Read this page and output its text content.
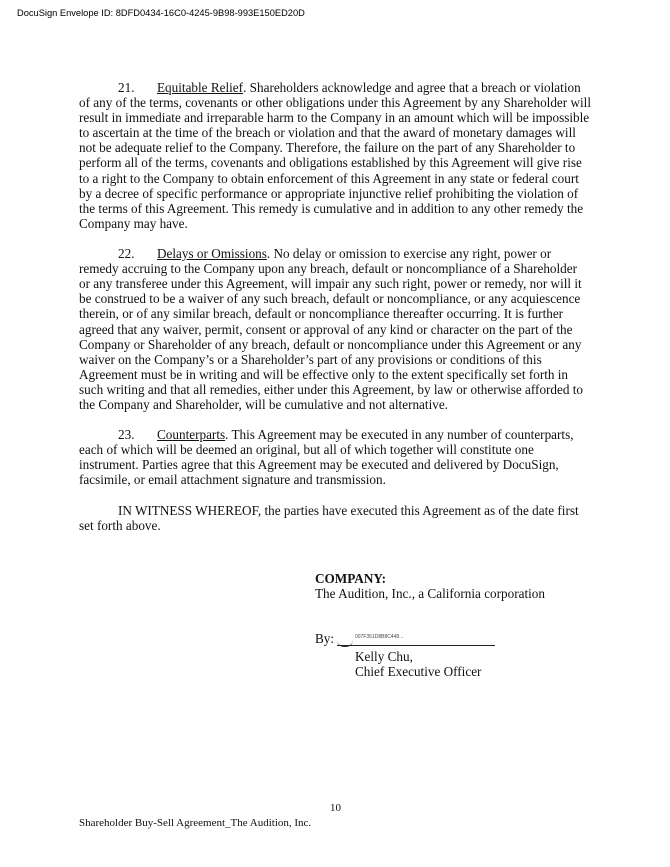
DocuSign Envelope ID: 8DFD0434-16C0-4245-9B98-993E150ED20D

21. Equitable Relief. Shareholders acknowledge and agree that a breach or violation of any of the terms, covenants or other obligations under this Agreement by any Shareholder will result in immediate and irreparable harm to the Company in an amount which will be impossible to ascertain at the time of the breach or violation and that the award of monetary damages will not be adequate relief to the Company. Therefore, the failure on the part of any Shareholder to perform all of the terms, covenants and obligations established by this Agreement will give rise to a right to the Company to obtain enforcement of this Agreement in any state or federal court by a decree of specific performance or appropriate injunctive relief prohibiting the violation of the terms of this Agreement. This remedy is cumulative and in addition to any other remedy the Company may have.

22. Delays or Omissions. No delay or omission to exercise any right, power or remedy accruing to the Company upon any breach, default or noncompliance of a Shareholder or any transferee under this Agreement, will impair any such right, power or remedy, nor will it be construed to be a waiver of any such breach, default or noncompliance, or any acquiescence therein, or of any similar breach, default or noncompliance thereafter occurring. It is further agreed that any waiver, permit, consent or approval of any kind or character on the part of the Company or Shareholder of any breach, default or noncompliance under this Agreement or any waiver on the Company’s or a Shareholder’s part of any provisions or conditions of this Agreement must be in writing and will be effective only to the extent specifically set forth in such writing and that all remedies, either under this Agreement, by law or otherwise afforded to the Company and Shareholder, will be cumulative and not alternative.

23. Counterparts. This Agreement may be executed in any number of counterparts, each of which will be deemed an original, but all of which together will constitute one instrument. Parties agree that this Agreement may be executed and delivered by DocuSign, facsimile, or email attachment signature and transmission.

IN WITNESS WHEREOF, the parties have executed this Agreement as of the date first set forth above.

COMPANY:
The Audition, Inc., a California corporation
By:	007F351D8B8C448...
Kelly Chu,
Chief Executive Officer
10
Shareholder Buy-Sell Agreement_The Audition, Inc.
